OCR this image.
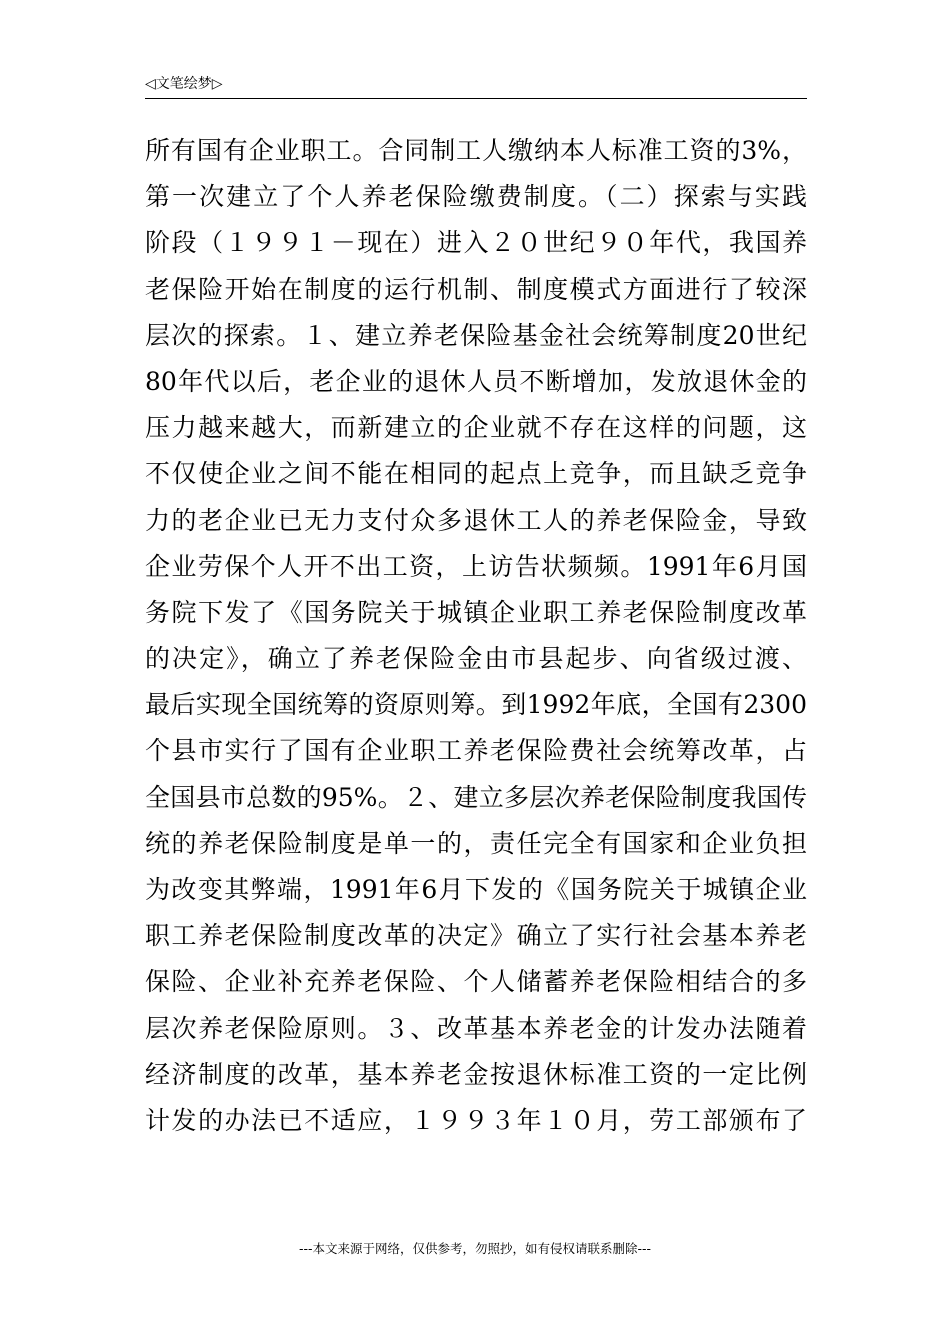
◁文笔绘梦▷
所有国有企业职工。合同制工人缴纳本人标准工资的3%，
第一次建立了个人养老保险缴费制度。（二）探索与实践
阶段（１９９１－现在）进入２０世纪９０年代，我国养
老保险开始在制度的运行机制、制度模式方面进行了较深
层次的探索。１、建立养老保险基金社会统筹制度20世纪
80年代以后，老企业的退休人员不断增加，发放退休金的
压力越来越大，而新建立的企业就不存在这样的问题，这
不仅使企业之间不能在相同的起点上竞争，而且缺乏竞争
力的老企业已无力支付众多退休工人的养老保险金，导致
企业劳保个人开不出工资，上访告状频频。1991年6月国
务院下发了《国务院关于城镇企业职工养老保险制度改革
的决定》，确立了养老保险金由市县起步、向省级过渡、
最后实现全国统筹的资原则筹。到1992年底，全国有2300
个县市实行了国有企业职工养老保险费社会统筹改革，占
全国县市总数的95%。２、建立多层次养老保险制度我国传
统的养老保险制度是单一的，责任完全有国家和企业负担
为改变其弊端，1991年6月下发的《国务院关于城镇企业
职工养老保险制度改革的决定》确立了实行社会基本养老
保险、企业补充养老保险、个人储蓄养老保险相结合的多
层次养老保险原则。３、改革基本养老金的计发办法随着
经济制度的改革，基本养老金按退休标准工资的一定比例
计发的办法已不适应，１９９３年１０月，劳工部颁布了
---本文来源于网络，仅供参考，勿照抄，如有侵权请联系删除---
